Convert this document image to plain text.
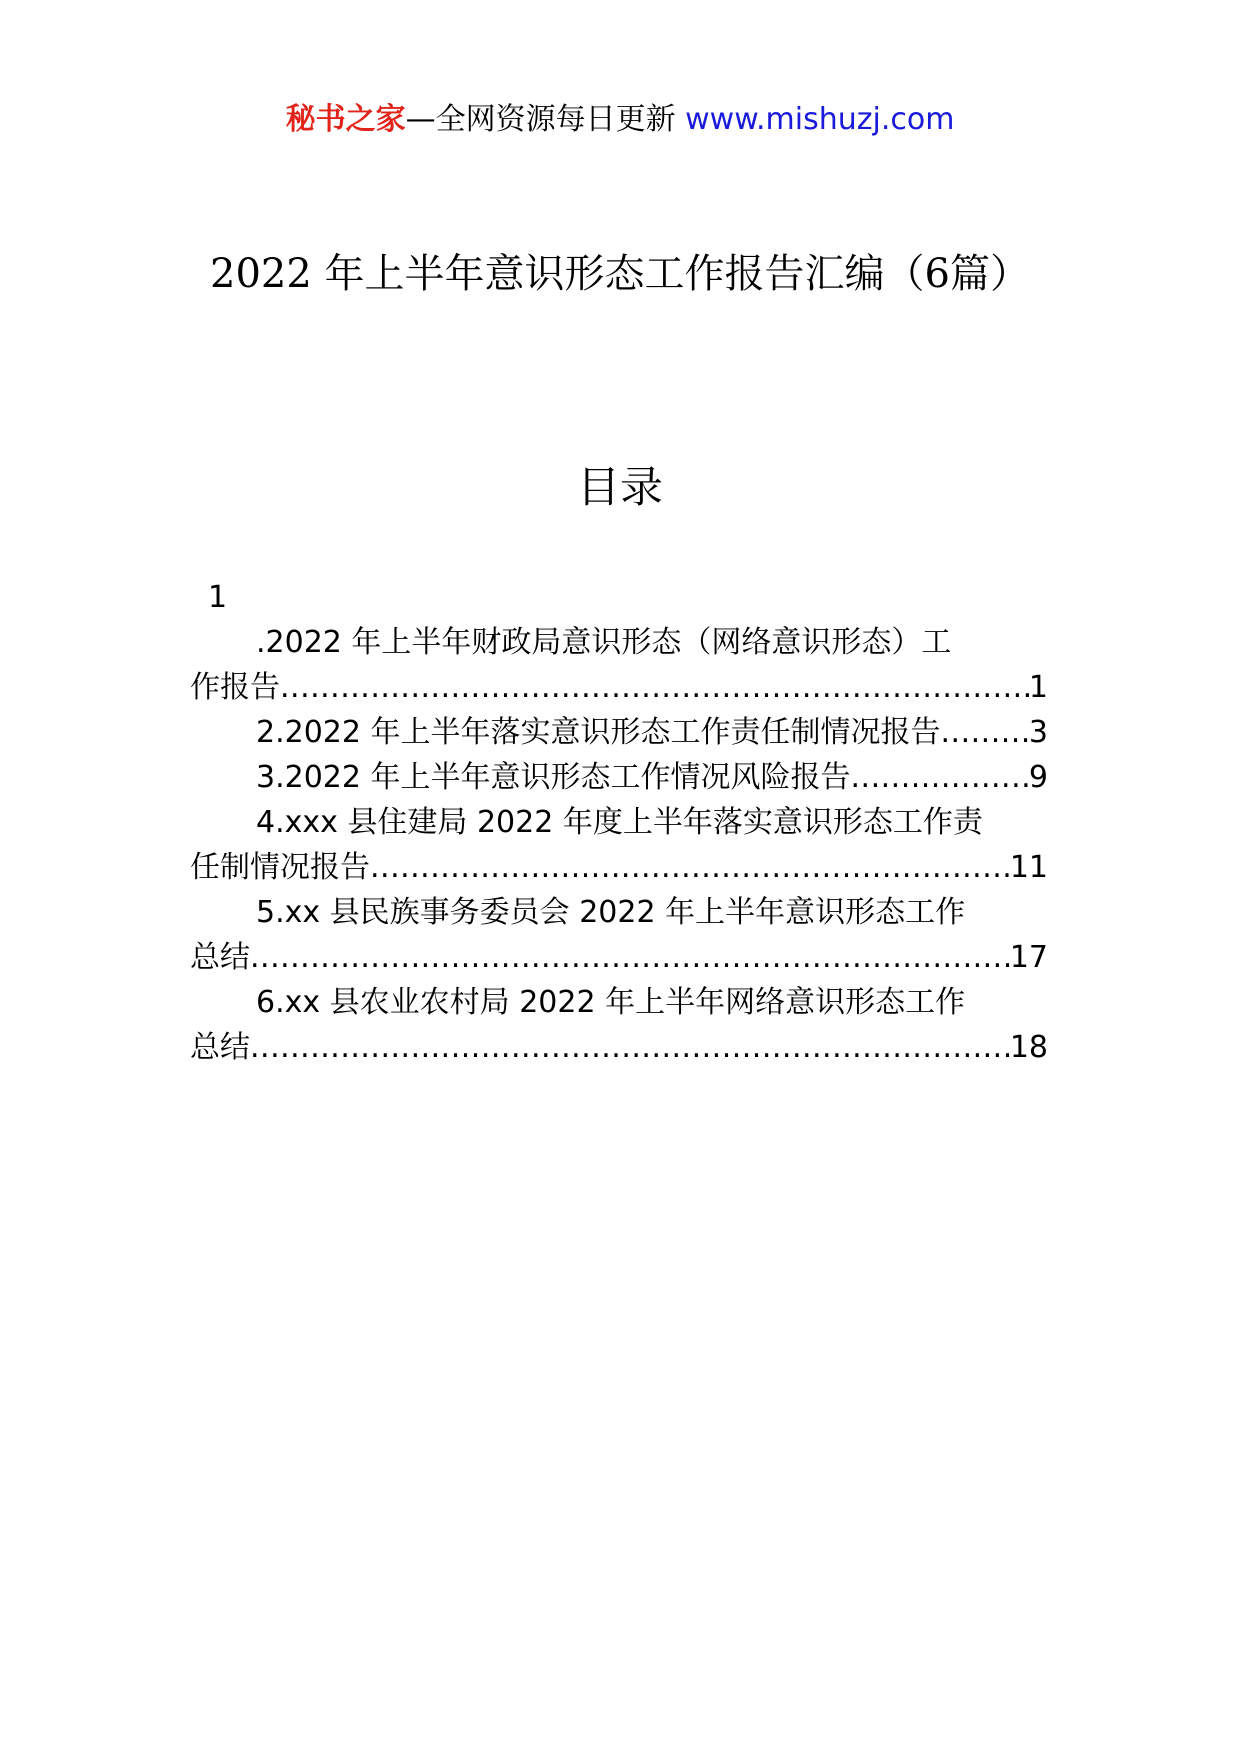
秘书之家—全网资源每日更新 www.mishuzj.com
2022 年上半年意识形态工作报告汇编（6篇）
目录
1
.2022 年上半年财政局意识形态（网络意识形态）工
作报告 .....	1
2.2022 年上半年落实意识形态工作责任制情况报告 .....	3
3.2022 年上半年意识形态工作情况风险报告 .....	9
4.xxx 县住建局 2022 年度上半年落实意识形态工作责
任制情况报告 .....	11
5.xx 县民族事务委员会 2022 年上半年意识形态工作
总结 .....	17
6.xx 县农业农村局 2022 年上半年网络意识形态工作
总结 .....	18
